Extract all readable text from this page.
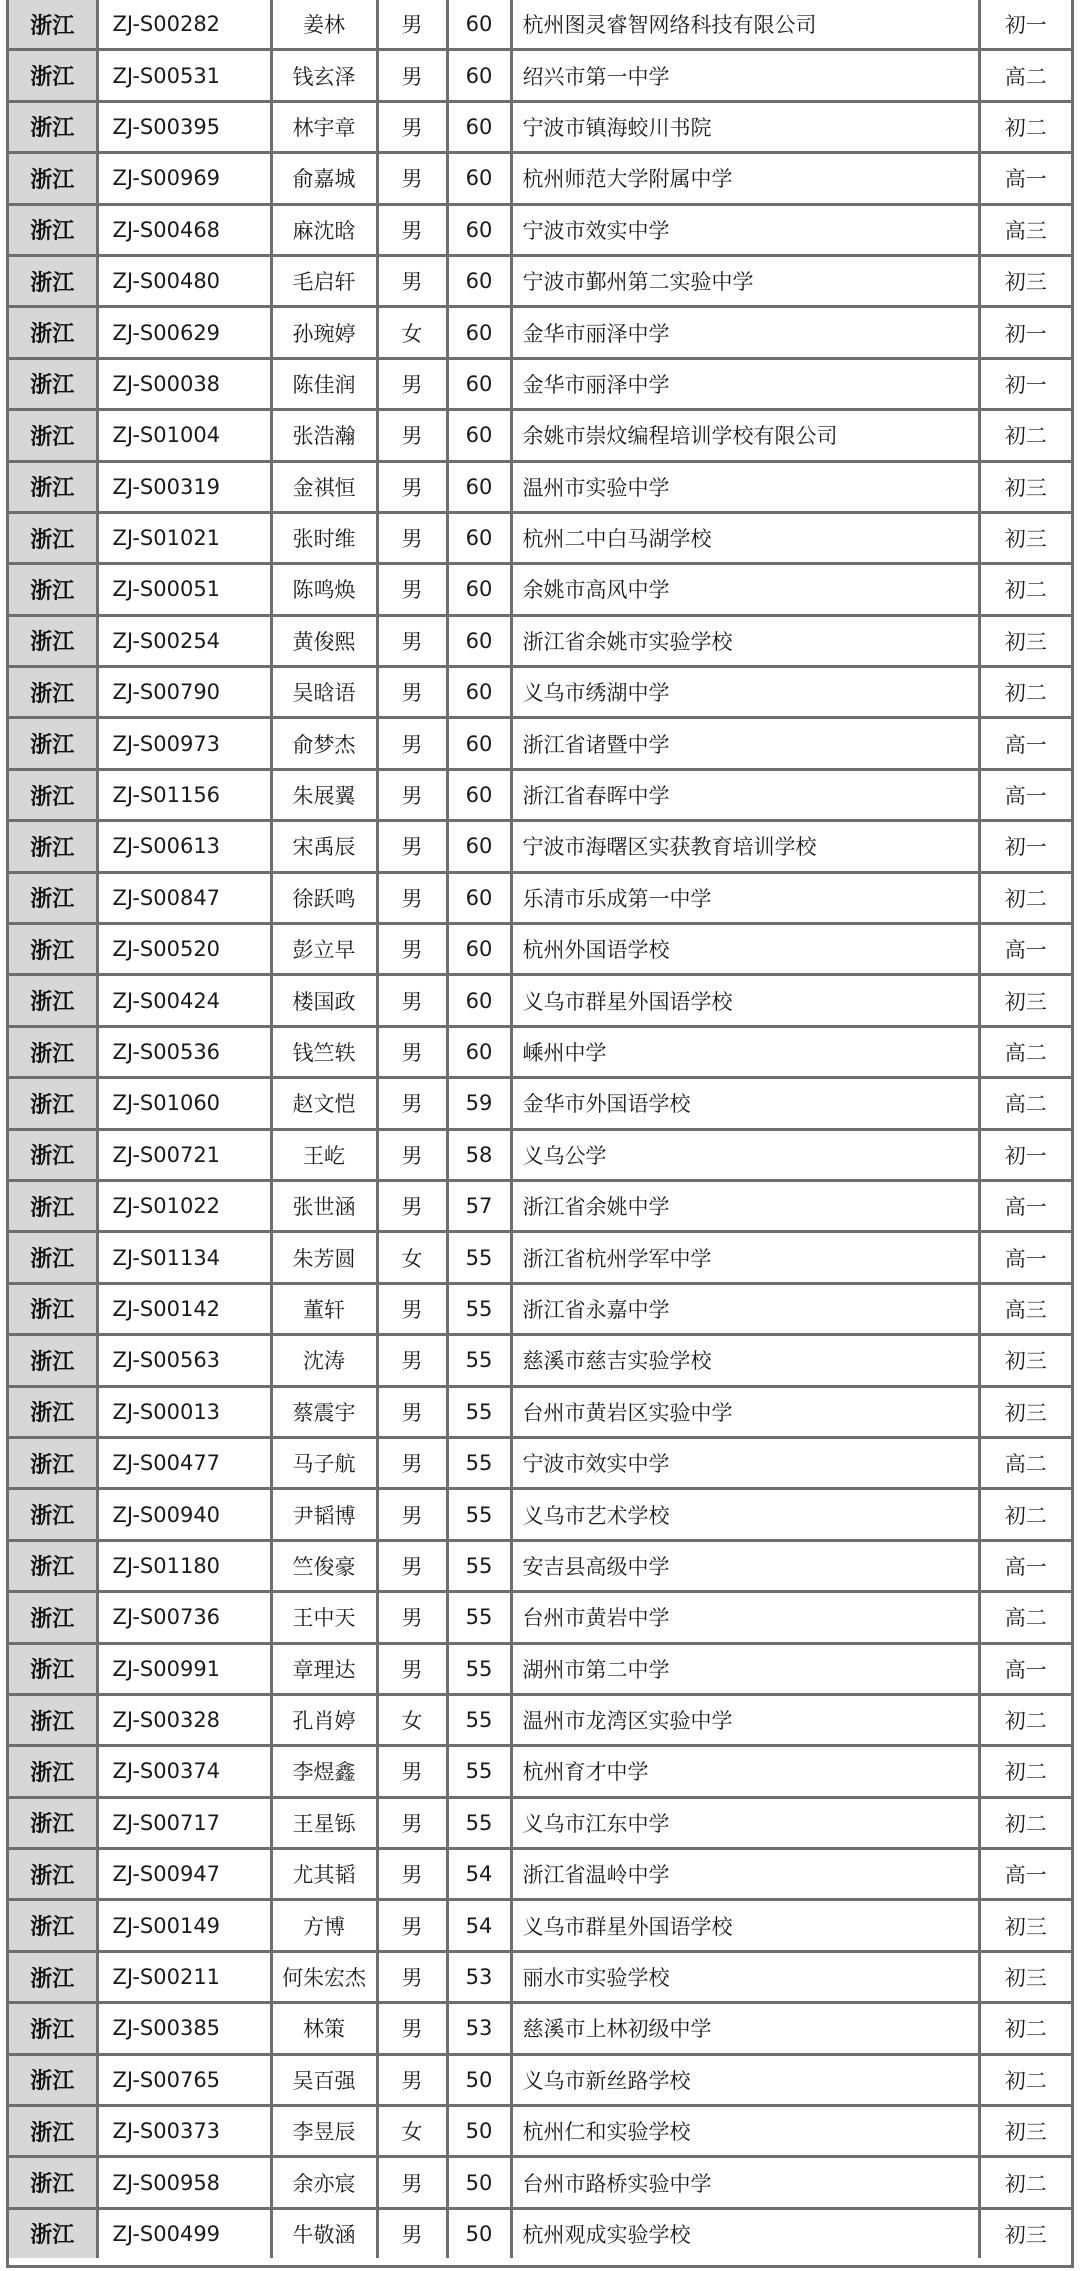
浙江	ZJ-S00282	姜林	男	60	杭州图灵睿智网络科技有限公司	初一
浙江	ZJ-S00531	钱玄泽	男	60	绍兴市第一中学	高二
浙江	ZJ-S00395	林宇章	男	60	宁波市镇海蛟川书院	初二
浙江	ZJ-S00969	俞嘉城	男	60	杭州师范大学附属中学	高一
浙江	ZJ-S00468	麻沈晗	男	60	宁波市效实中学	高三
浙江	ZJ-S00480	毛启轩	男	60	宁波市鄞州第二实验中学	初三
浙江	ZJ-S00629	孙琬婷	女	60	金华市丽泽中学	初一
浙江	ZJ-S00038	陈佳润	男	60	金华市丽泽中学	初一
浙江	ZJ-S01004	张浩瀚	男	60	余姚市崇炆编程培训学校有限公司	初二
浙江	ZJ-S00319	金祺恒	男	60	温州市实验中学	初三
浙江	ZJ-S01021	张时维	男	60	杭州二中白马湖学校	初三
浙江	ZJ-S00051	陈鸣焕	男	60	余姚市高风中学	初二
浙江	ZJ-S00254	黄俊熙	男	60	浙江省余姚市实验学校	初三
浙江	ZJ-S00790	吴晗语	男	60	义乌市绣湖中学	初二
浙江	ZJ-S00973	俞梦杰	男	60	浙江省诸暨中学	高一
浙江	ZJ-S01156	朱展翼	男	60	浙江省春晖中学	高一
浙江	ZJ-S00613	宋禹辰	男	60	宁波市海曙区实获教育培训学校	初一
浙江	ZJ-S00847	徐跃鸣	男	60	乐清市乐成第一中学	初二
浙江	ZJ-S00520	彭立早	男	60	杭州外国语学校	高一
浙江	ZJ-S00424	楼国政	男	60	义乌市群星外国语学校	初三
浙江	ZJ-S00536	钱竺轶	男	60	嵊州中学	高二
浙江	ZJ-S01060	赵文恺	男	59	金华市外国语学校	高二
浙江	ZJ-S00721	王屹	男	58	义乌公学	初一
浙江	ZJ-S01022	张世涵	男	57	浙江省余姚中学	高一
浙江	ZJ-S01134	朱芳圆	女	55	浙江省杭州学军中学	高一
浙江	ZJ-S00142	董轩	男	55	浙江省永嘉中学	高三
浙江	ZJ-S00563	沈涛	男	55	慈溪市慈吉实验学校	初三
浙江	ZJ-S00013	蔡震宇	男	55	台州市黄岩区实验中学	初三
浙江	ZJ-S00477	马子航	男	55	宁波市效实中学	高二
浙江	ZJ-S00940	尹韬博	男	55	义乌市艺术学校	初二
浙江	ZJ-S01180	竺俊豪	男	55	安吉县高级中学	高一
浙江	ZJ-S00736	王中天	男	55	台州市黄岩中学	高二
浙江	ZJ-S00991	章理达	男	55	湖州市第二中学	高一
浙江	ZJ-S00328	孔肖婷	女	55	温州市龙湾区实验中学	初二
浙江	ZJ-S00374	李煜鑫	男	55	杭州育才中学	初二
浙江	ZJ-S00717	王星铄	男	55	义乌市江东中学	初二
浙江	ZJ-S00947	尤其韬	男	54	浙江省温岭中学	高一
浙江	ZJ-S00149	方博	男	54	义乌市群星外国语学校	初三
浙江	ZJ-S00211	何朱宏杰	男	53	丽水市实验学校	初三
浙江	ZJ-S00385	林策	男	53	慈溪市上林初级中学	初二
浙江	ZJ-S00765	吴百强	男	50	义乌市新丝路学校	初二
浙江	ZJ-S00373	李昱辰	女	50	杭州仁和实验学校	初三
浙江	ZJ-S00958	余亦宸	男	50	台州市路桥实验中学	初二
浙江	ZJ-S00499	牛敬涵	男	50	杭州观成实验学校	初三
